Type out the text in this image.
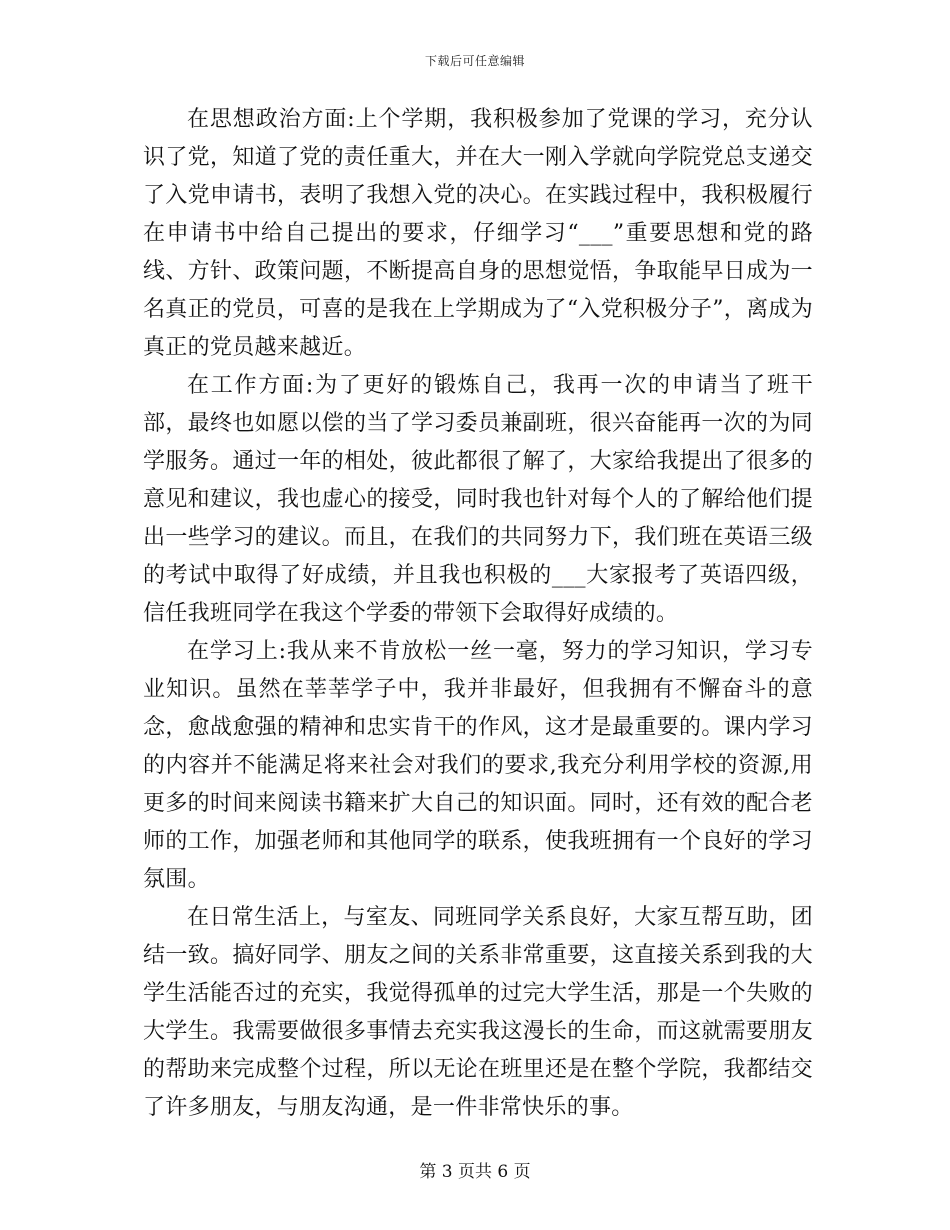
下载后可任意编辑

在思想政治方面:上个学期，我积极参加了党课的学习，充分认识了党，知道了党的责任重大，并在大一刚入学就向学院党总支递交了入党申请书，表明了我想入党的决心。在实践过程中，我积极履行在申请书中给自己提出的要求，仔细学习“___”重要思想和党的路线、方针、政策问题，不断提高自身的思想觉悟，争取能早日成为一名真正的党员，可喜的是我在上学期成为了“入党积极分子”，离成为真正的党员越来越近。

在工作方面:为了更好的锻炼自己，我再一次的申请当了班干部，最终也如愿以偿的当了学习委员兼副班，很兴奋能再一次的为同学服务。通过一年的相处，彼此都很了解了，大家给我提出了很多的意见和建议，我也虚心的接受，同时我也针对每个人的了解给他们提出一些学习的建议。而且，在我们的共同努力下，我们班在英语三级的考试中取得了好成绩，并且我也积极的___大家报考了英语四级，信任我班同学在我这个学委的带领下会取得好成绩的。

在学习上:我从来不肯放松一丝一毫，努力的学习知识，学习专业知识。虽然在莘莘学子中，我并非最好，但我拥有不懈奋斗的意念，愈战愈强的精神和忠实肯干的作风，这才是最重要的。课内学习的内容并不能满足将来社会对我们的要求,我充分利用学校的资源,用更多的时间来阅读书籍来扩大自己的知识面。同时，还有效的配合老师的工作，加强老师和其他同学的联系，使我班拥有一个良好的学习氛围。

在日常生活上，与室友、同班同学关系良好，大家互帮互助，团结一致。搞好同学、朋友之间的关系非常重要，这直接关系到我的大学生活能否过的充实，我觉得孤单的过完大学生活，那是一个失败的大学生。我需要做很多事情去充实我这漫长的生命，而这就需要朋友的帮助来完成整个过程，所以无论在班里还是在整个学院，我都结交了许多朋友，与朋友沟通，是一件非常快乐的事。

第 3 页共 6 页
